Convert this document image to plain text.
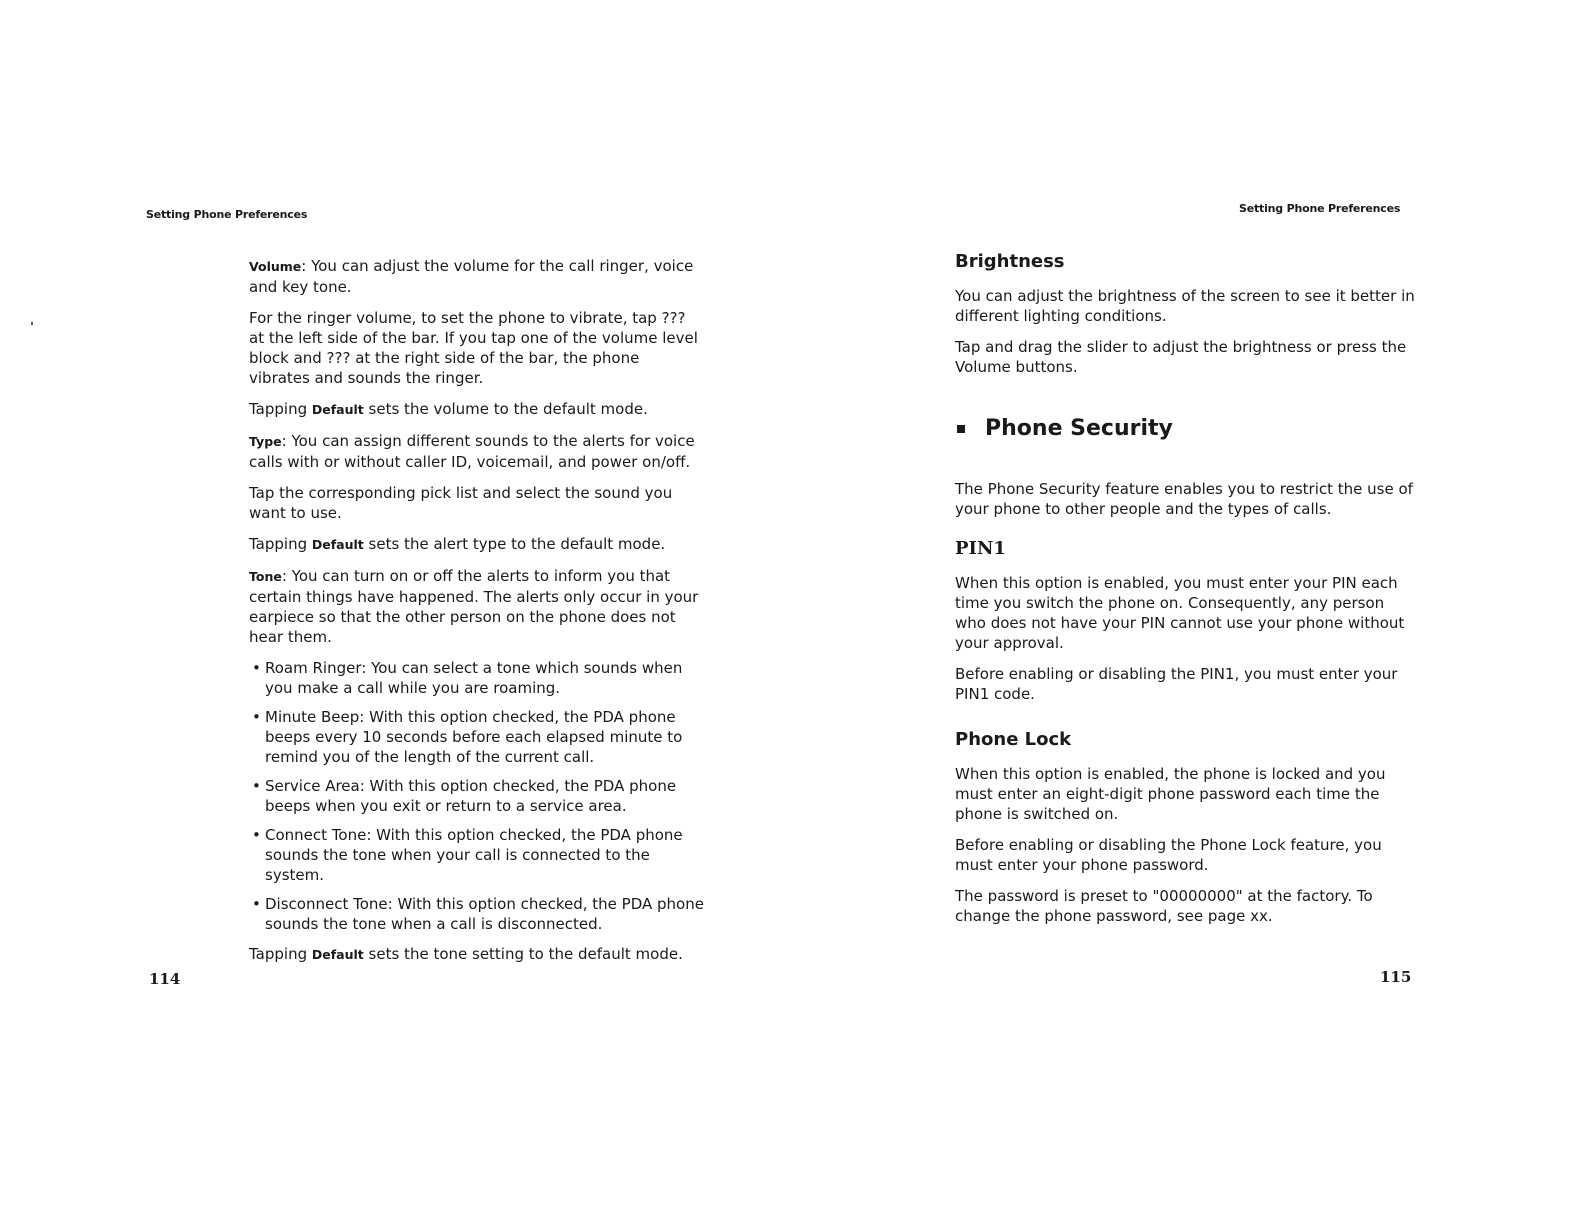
Setting Phone Preferences

Volume: You can adjust the volume for the call ringer, voice and key tone.

For the ringer volume, to set the phone to vibrate, tap ??? at the left side of the bar. If you tap one of the volume level block and ??? at the right side of the bar, the phone vibrates and sounds the ringer.

Tapping Default sets the volume to the default mode.

Type: You can assign different sounds to the alerts for voice calls with or without caller ID, voicemail, and power on/off.

Tap the corresponding pick list and select the sound you want to use.

Tapping Default sets the alert type to the default mode.

Tone: You can turn on or off the alerts to inform you that certain things have happened. The alerts only occur in your earpiece so that the other person on the phone does not hear them.

• Roam Ringer: You can select a tone which sounds when you make a call while you are roaming.
• Minute Beep: With this option checked, the PDA phone beeps every 10 seconds before each elapsed minute to remind you of the length of the current call.
• Service Area: With this option checked, the PDA phone beeps when you exit or return to a service area.
• Connect Tone: With this option checked, the PDA phone sounds the tone when your call is connected to the system.
• Disconnect Tone: With this option checked, the PDA phone sounds the tone when a call is disconnected.

Tapping Default sets the tone setting to the default mode.

114
Setting Phone Preferences
Brightness

You can adjust the brightness of the screen to see it better in different lighting conditions.

Tap and drag the slider to adjust the brightness or press the Volume buttons.

Phone Security

The Phone Security feature enables you to restrict the use of your phone to other people and the types of calls.

PIN1

When this option is enabled, you must enter your PIN each time you switch the phone on. Consequently, any person who does not have your PIN cannot use your phone without your approval.

Before enabling or disabling the PIN1, you must enter your PIN1 code.

Phone Lock

When this option is enabled, the phone is locked and you must enter an eight-digit phone password each time the phone is switched on.

Before enabling or disabling the Phone Lock feature, you must enter your phone password.

The password is preset to "00000000" at the factory. To change the phone password, see page xx.

115
